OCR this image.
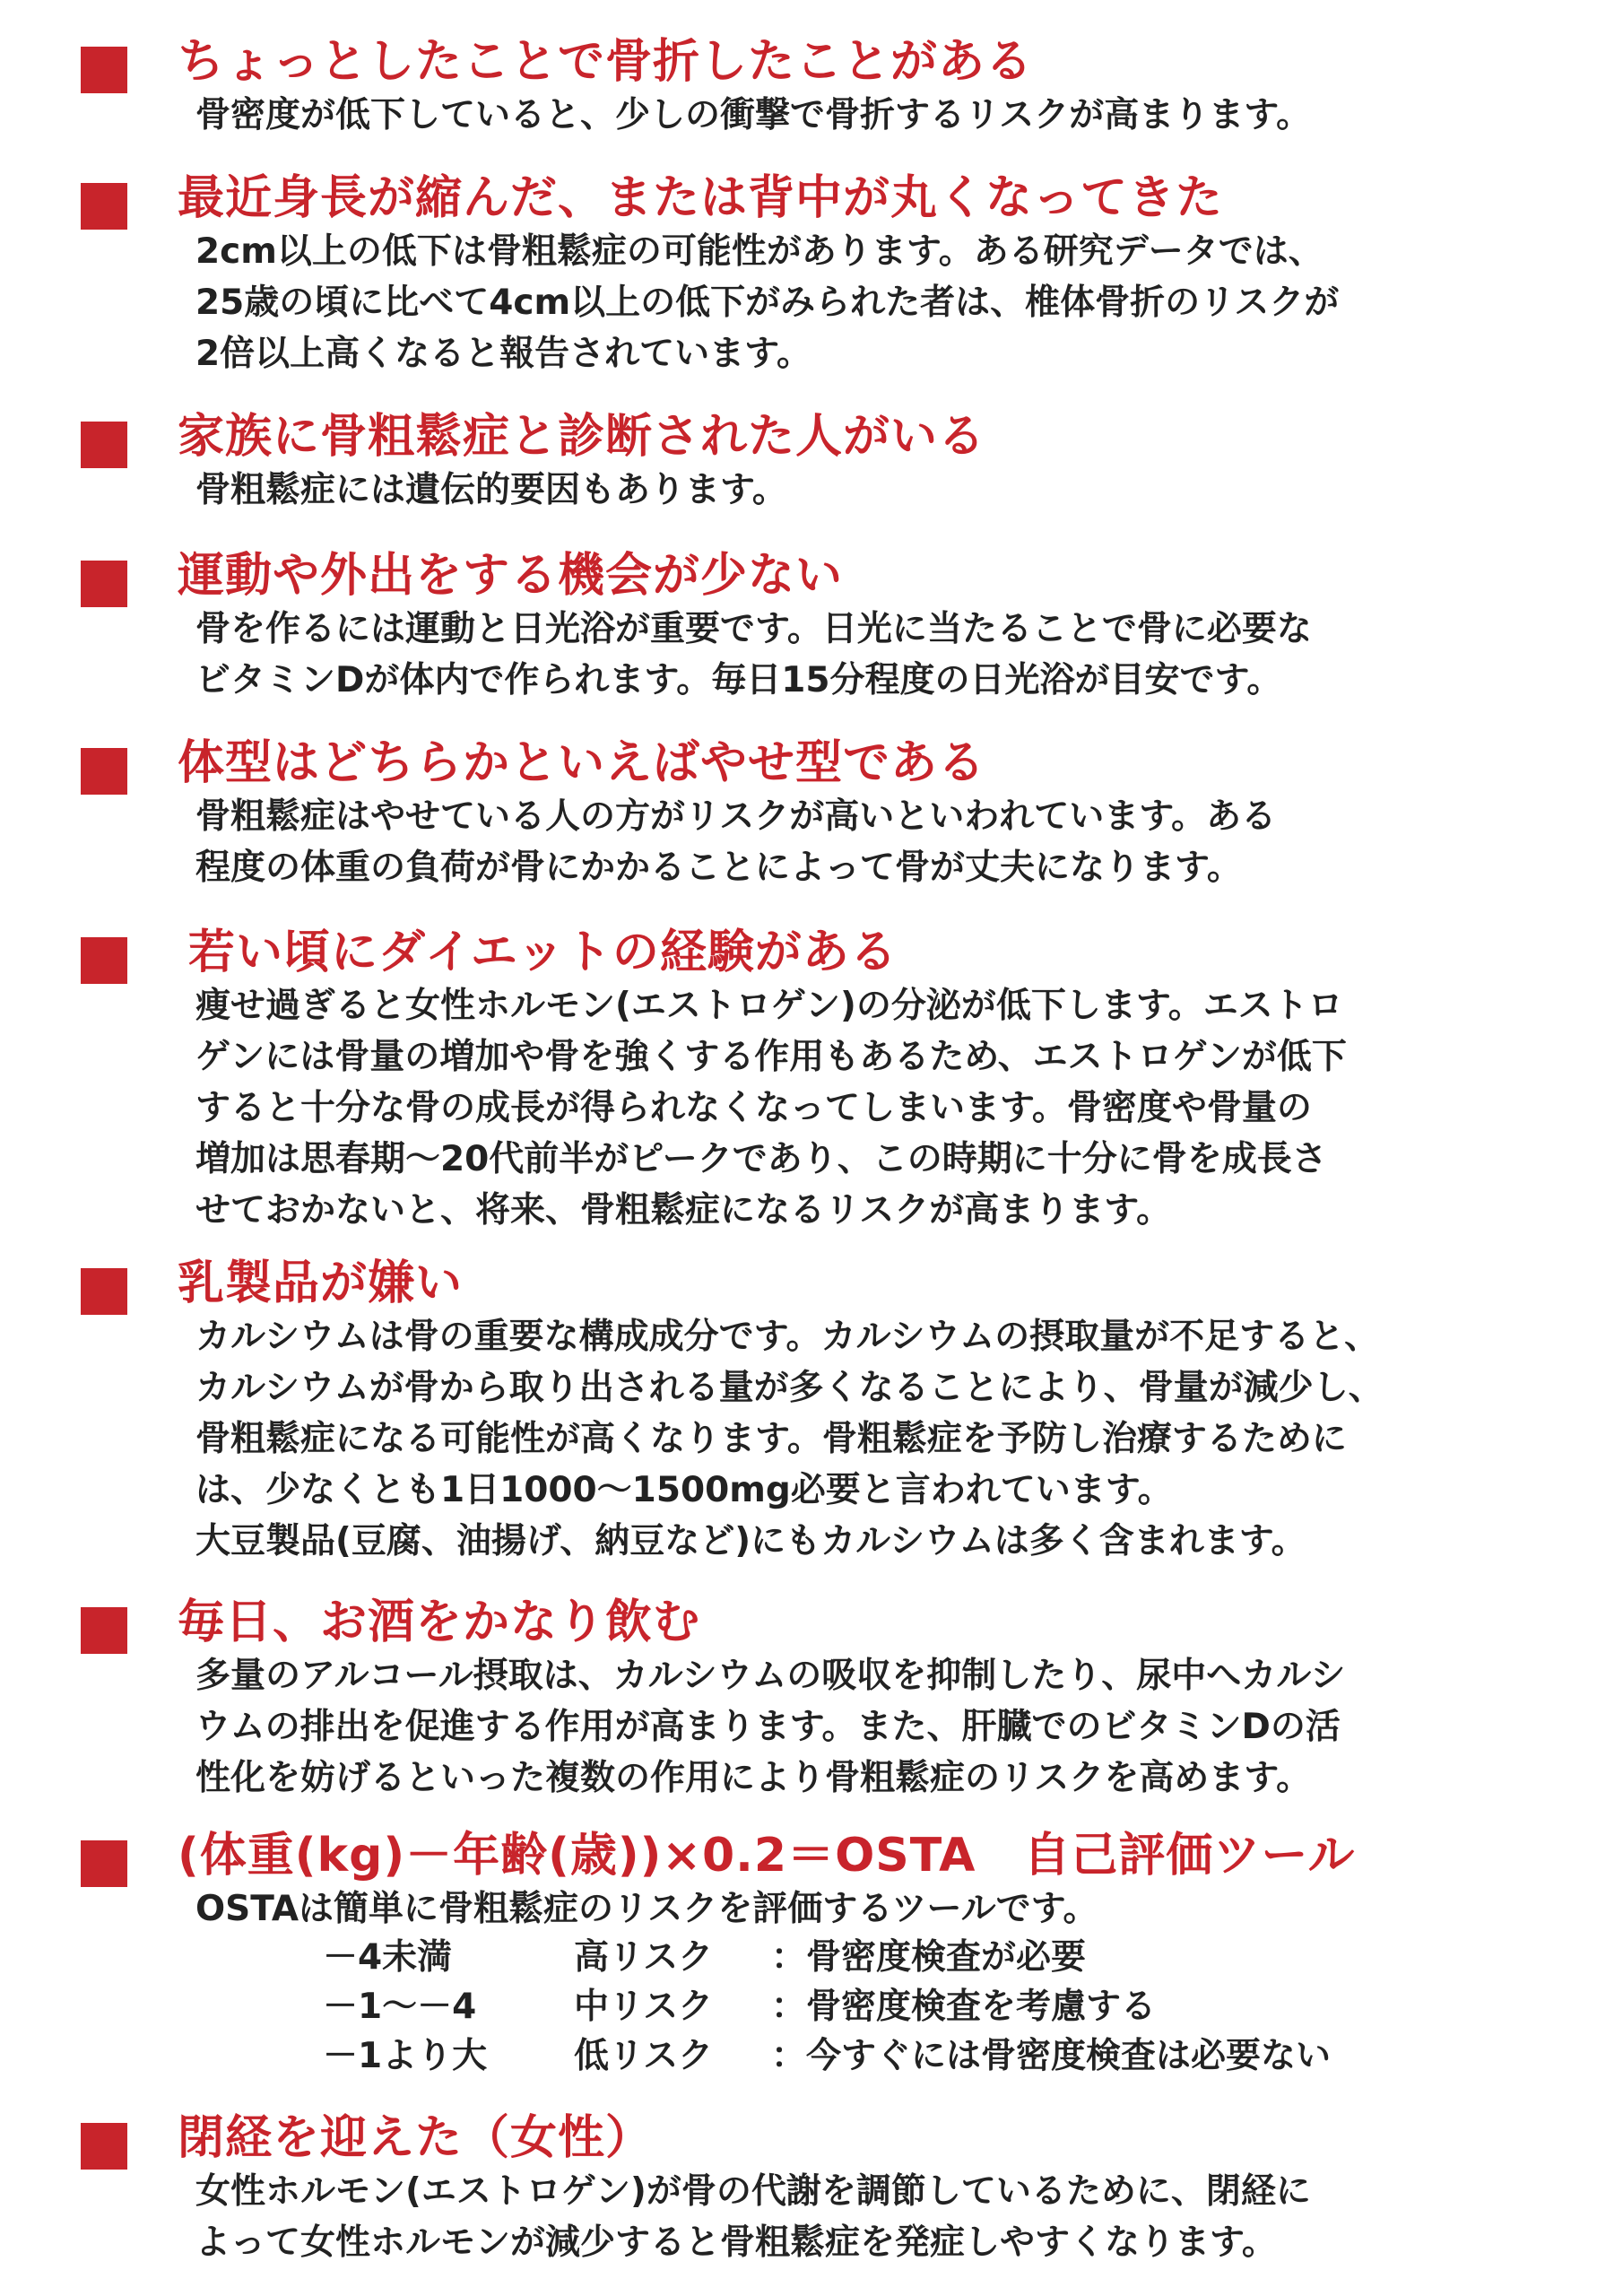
ちょっとしたことで骨折したことがある

骨密度が低下していると、少しの衝撃で骨折するリスクが高まります。

最近身長が縮んだ、または背中が丸くなってきた

2cm以上の低下は骨粗鬆症の可能性があります。ある研究データでは、
25歳の頃に比べて4cm以上の低下がみられた者は、椎体骨折のリスクが
2倍以上高くなると報告されています。

家族に骨粗鬆症と診断された人がいる

骨粗鬆症には遺伝的要因もあります。

運動や外出をする機会が少ない

骨を作るには運動と日光浴が重要です。日光に当たることで骨に必要な
ビタミンDが体内で作られます。毎日15分程度の日光浴が目安です。

体型はどちらかといえばやせ型である

骨粗鬆症はやせている人の方がリスクが高いといわれています。ある
程度の体重の負荷が骨にかかることによって骨が丈夫になります。

若い頃にダイエットの経験がある

痩せ過ぎると女性ホルモン(エストロゲン)の分泌が低下します。エストロ
ゲンには骨量の増加や骨を強くする作用もあるため、エストロゲンが低下
すると十分な骨の成長が得られなくなってしまいます。骨密度や骨量の
増加は思春期～20代前半がピークであり、この時期に十分に骨を成長さ
せておかないと、将来、骨粗鬆症になるリスクが高まります。

乳製品が嫌い

カルシウムは骨の重要な構成成分です。カルシウムの摂取量が不足すると、
カルシウムが骨から取り出される量が多くなることにより、骨量が減少し、
骨粗鬆症になる可能性が高くなります。骨粗鬆症を予防し治療するために
は、少なくとも1日1000～1500mg必要と言われています。
大豆製品(豆腐、油揚げ、納豆など)にもカルシウムは多く含まれます。

毎日、お酒をかなり飲む

多量のアルコール摂取は、カルシウムの吸収を抑制したり、尿中へカルシ
ウムの排出を促進する作用が高まります。また、肝臓でのビタミンDの活
性化を妨げるといった複数の作用により骨粗鬆症のリスクを高めます。

(体重(kg)－年齢(歳))×0.2＝OSTA　自己評価ツール

OSTAは簡単に骨粗鬆症のリスクを評価するツールです。

－4未満	高リスク	：骨密度検査が必要
－1～－4	中リスク	：骨密度検査を考慮する
－1より大	低リスク	：今すぐには骨密度検査は必要ない
閉経を迎えた（女性）

女性ホルモン(エストロゲン)が骨の代謝を調節しているために、閉経に
よって女性ホルモンが減少すると骨粗鬆症を発症しやすくなります。
